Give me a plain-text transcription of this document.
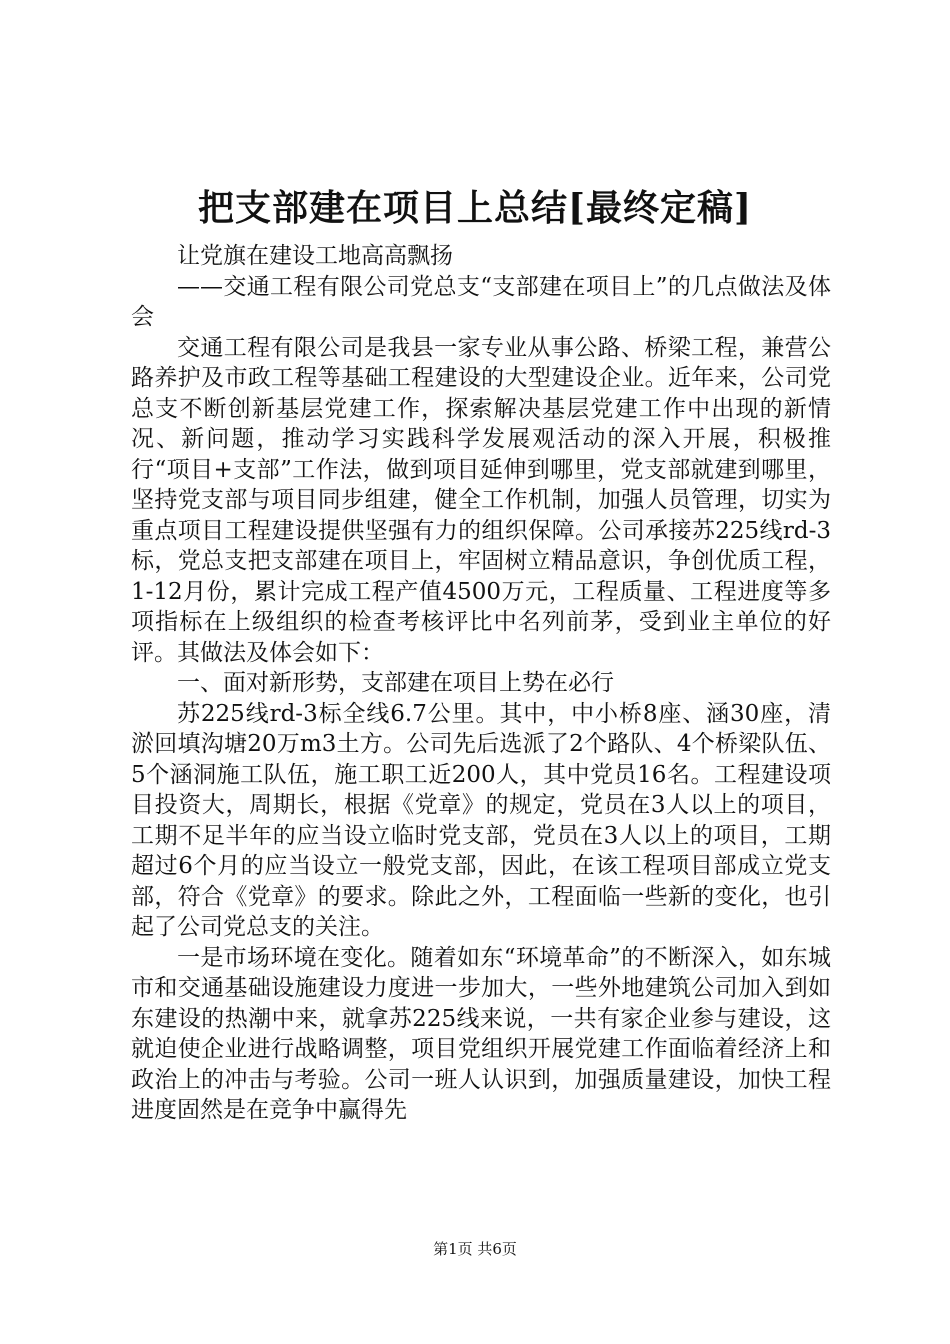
把支部建在项目上总结[最终定稿]

让党旗在建设工地高高飘扬

——交通工程有限公司党总支“支部建在项目上”的几点做法及体会

交通工程有限公司是我县一家专业从事公路、桥梁工程，兼营公路养护及市政工程等基础工程建设的大型建设企业。近年来，公司党总支不断创新基层党建工作，探索解决基层党建工作中出现的新情况、新问题，推动学习实践科学发展观活动的深入开展，积极推行“项目+支部”工作法，做到项目延伸到哪里，党支部就建到哪里，坚持党支部与项目同步组建，健全工作机制，加强人员管理，切实为重点项目工程建设提供坚强有力的组织保障。公司承接苏225线rd-3标，党总支把支部建在项目上，牢固树立精品意识，争创优质工程，1-12月份，累计完成工程产值4500万元，工程质量、工程进度等多项指标在上级组织的检查考核评比中名列前茅，受到业主单位的好评。其做法及体会如下：

一、面对新形势，支部建在项目上势在必行

苏225线rd-3标全线6.7公里。其中，中小桥8座、涵30座，清淤回填沟塘20万m3土方。公司先后选派了2个路队、4个桥梁队伍、5个涵洞施工队伍，施工职工近200人，其中党员16名。工程建设项目投资大，周期长，根据《党章》的规定，党员在3人以上的项目，工期不足半年的应当设立临时党支部，党员在3人以上的项目，工期超过6个月的应当设立一般党支部，因此，在该工程项目部成立党支部，符合《党章》的要求。除此之外，工程面临一些新的变化，也引起了公司党总支的关注。

一是市场环境在变化。随着如东“环境革命”的不断深入，如东城市和交通基础设施建设力度进一步加大，一些外地建筑公司加入到如东建设的热潮中来，就拿苏225线来说，一共有家企业参与建设，这就迫使企业进行战略调整，项目党组织开展党建工作面临着经济上和政治上的冲击与考验。公司一班人认识到，加强质量建设，加快工程进度固然是在竞争中赢得先

第1页 共6页
